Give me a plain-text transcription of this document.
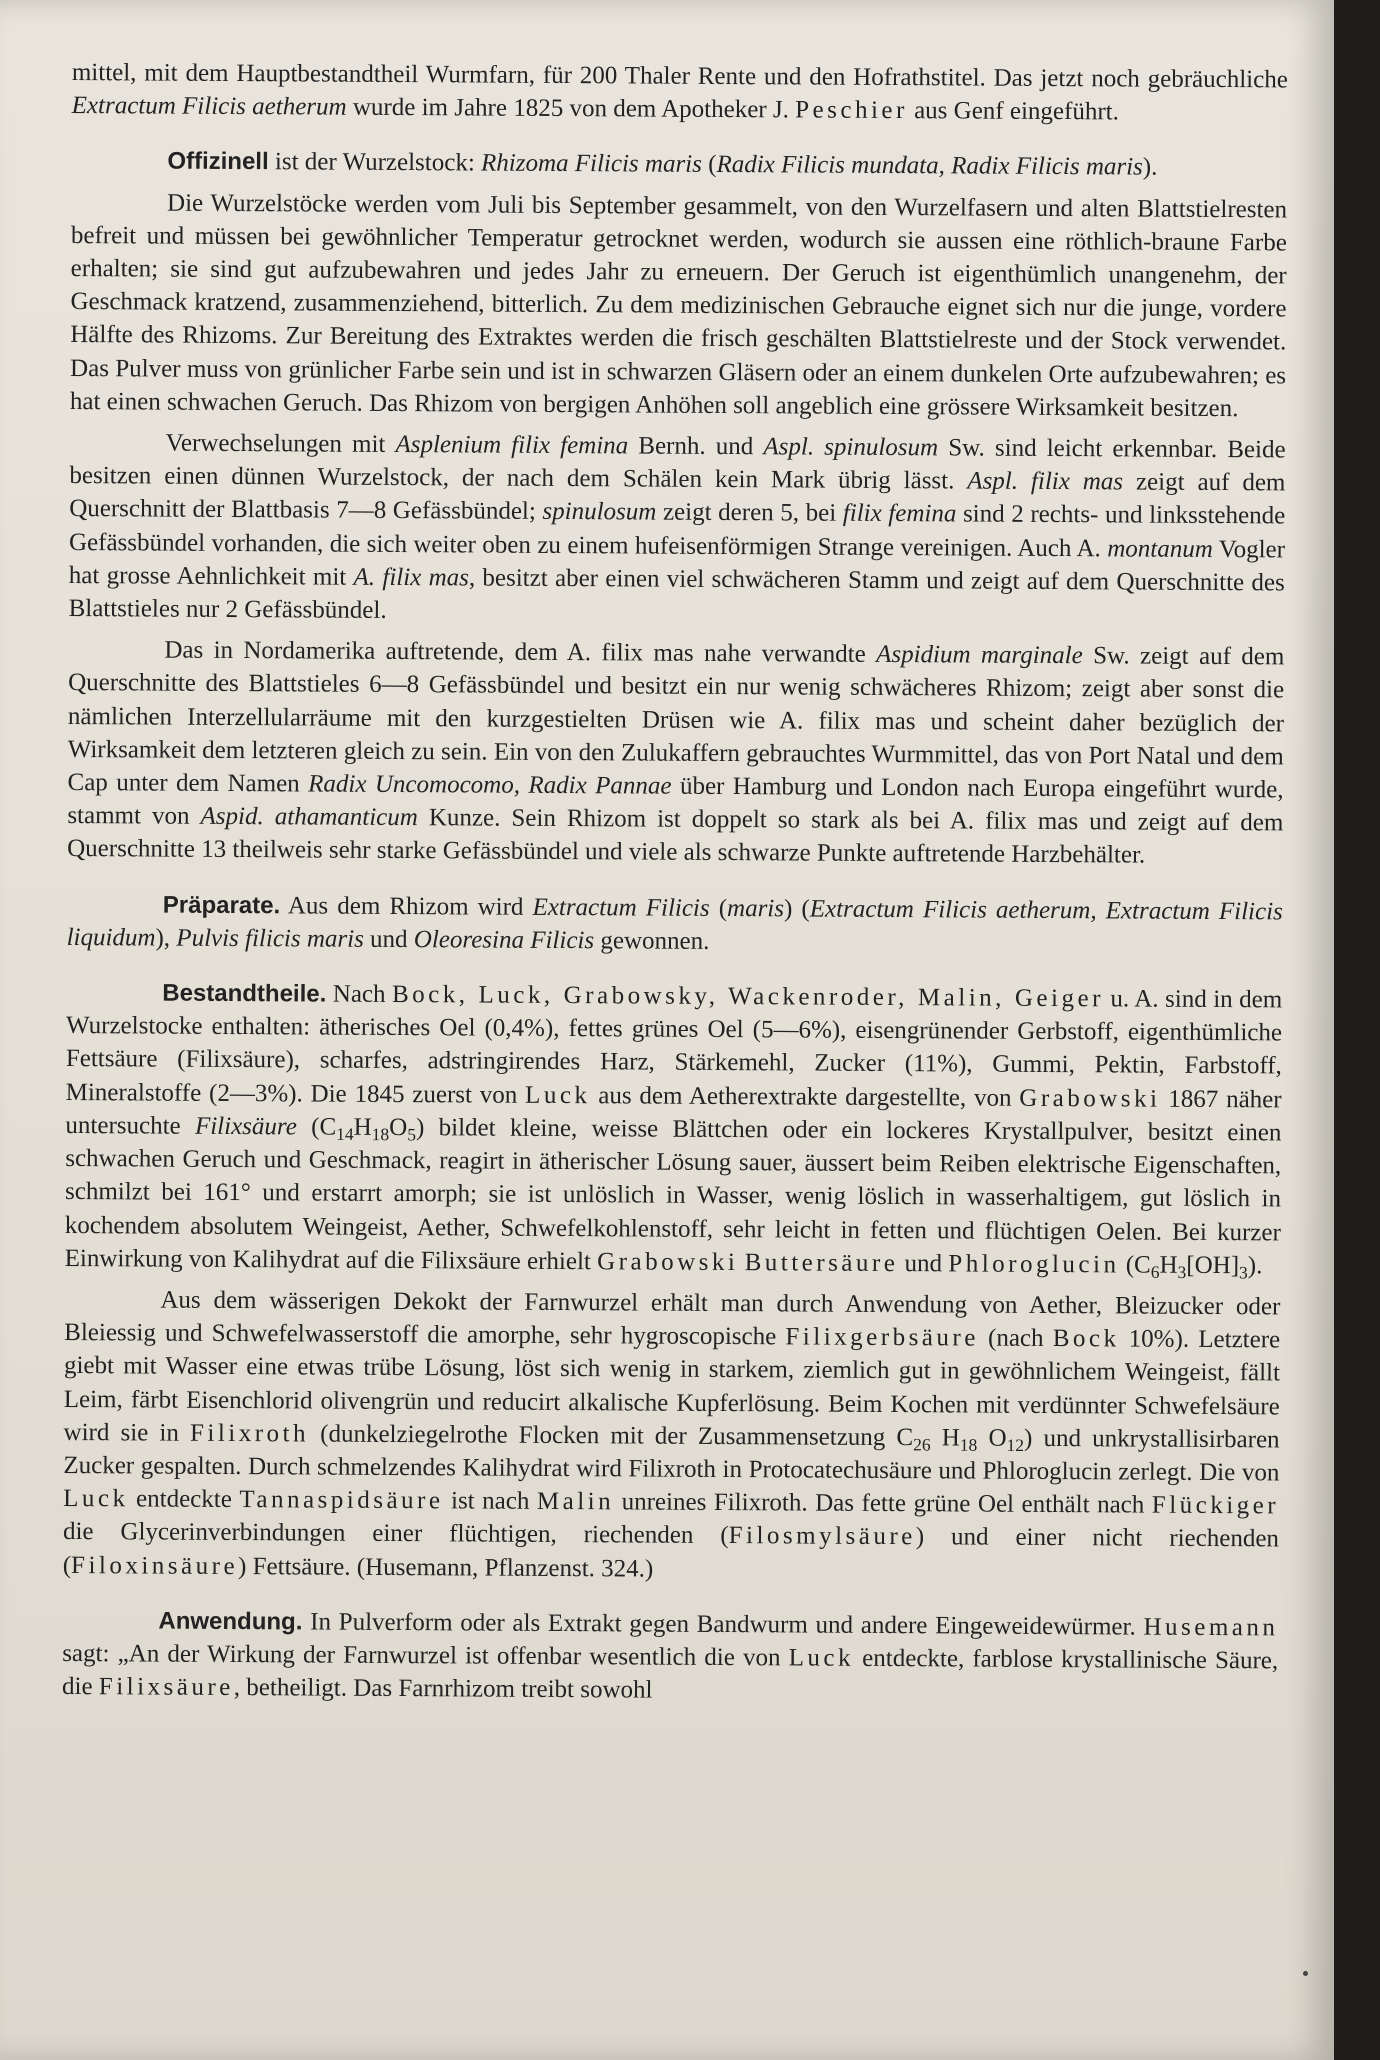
mittel, mit dem Hauptbestandtheil Wurmfarn, für 200 Thaler Rente und den Hofrathstitel. Das jetzt noch gebräuchliche Extractum Filicis aetherum wurde im Jahre 1825 von dem Apotheker J. Peschier aus Genf eingeführt.

Offizinell ist der Wurzelstock: Rhizoma Filicis maris (Radix Filicis mundata, Radix Filicis maris).

Die Wurzelstöcke werden vom Juli bis September gesammelt, von den Wurzelfasern und alten Blattstielresten befreit und müssen bei gewöhnlicher Temperatur getrocknet werden, wodurch sie aussen eine röthlich-braune Farbe erhalten; sie sind gut aufzubewahren und jedes Jahr zu erneuern. Der Geruch ist eigenthümlich unangenehm, der Geschmack kratzend, zusammenziehend, bitterlich. Zu dem medizinischen Gebrauche eignet sich nur die junge, vordere Hälfte des Rhizoms. Zur Bereitung des Extraktes werden die frisch geschälten Blattstielreste und der Stock verwendet. Das Pulver muss von grünlicher Farbe sein und ist in schwarzen Gläsern oder an einem dunkelen Orte aufzubewahren; es hat einen schwachen Geruch. Das Rhizom von bergigen Anhöhen soll angeblich eine grössere Wirksamkeit besitzen.

Verwechselungen mit Asplenium filix femina Bernh. und Aspl. spinulosum Sw. sind leicht erkennbar. Beide besitzen einen dünnen Wurzelstock, der nach dem Schälen kein Mark übrig lässt. Aspl. filix mas zeigt auf dem Querschnitt der Blattbasis 7—8 Gefässbündel; spinulosum zeigt deren 5, bei filix femina sind 2 rechts- und linksstehende Gefässbündel vorhanden, die sich weiter oben zu einem hufeisenförmigen Strange vereinigen. Auch A. montanum Vogler hat grosse Aehnlichkeit mit A. filix mas, besitzt aber einen viel schwächeren Stamm und zeigt auf dem Querschnitte des Blattstieles nur 2 Gefässbündel.

Das in Nordamerika auftretende, dem A. filix mas nahe verwandte Aspidium marginale Sw. zeigt auf dem Querschnitte des Blattstieles 6—8 Gefässbündel und besitzt ein nur wenig schwächeres Rhizom; zeigt aber sonst die nämlichen Interzellularräume mit den kurzgestielten Drüsen wie A. filix mas und scheint daher bezüglich der Wirksamkeit dem letzteren gleich zu sein. Ein von den Zulukaffern gebrauchtes Wurmmittel, das von Port Natal und dem Cap unter dem Namen Radix Uncomocomo, Radix Pannae über Hamburg und London nach Europa eingeführt wurde, stammt von Aspid. athamanticum Kunze. Sein Rhizom ist doppelt so stark als bei A. filix mas und zeigt auf dem Querschnitte 13 theilweis sehr starke Gefässbündel und viele als schwarze Punkte auftretende Harzbehälter.

Präparate. Aus dem Rhizom wird Extractum Filicis (maris) (Extractum Filicis aetherum, Extractum Filicis liquidum), Pulvis filicis maris und Oleoresina Filicis gewonnen.

Bestandtheile. Nach Bock, Luck, Grabowsky, Wackenroder, Malin, Geiger u. A. sind in dem Wurzelstocke enthalten: ätherisches Oel (0,4%), fettes grünes Oel (5—6%), eisengrünender Gerbstoff, eigenthümliche Fettsäure (Filixsäure), scharfes, adstringirendes Harz, Stärkemehl, Zucker (11%), Gummi, Pektin, Farbstoff, Mineralstoffe (2—3%). Die 1845 zuerst von Luck aus dem Aetherextrakte dargestellte, von Grabowski 1867 näher untersuchte Filixsäure $(C_{14}H_{18}O_5)$ bildet kleine, weisse Blättchen oder ein lockeres Krystallpulver, besitzt einen schwachen Geruch und Geschmack, reagirt in ätherischer Lösung sauer, äussert beim Reiben elektrische Eigenschaften, schmilzt bei 161° und erstarrt amorph; sie ist unlöslich in Wasser, wenig löslich in wasserhaltigem, gut löslich in kochendem absolutem Weingeist, Aether, Schwefelkohlenstoff, sehr leicht in fetten und flüchtigen Oelen. Bei kurzer Einwirkung von Kalihydrat auf die Filixsäure erhielt Grabowski Buttersäure und Phloroglucin $(C_6H_3[OH]_3)$.

Aus dem wässerigen Dekokt der Farnwurzel erhält man durch Anwendung von Aether, Bleizucker oder Bleiessig und Schwefelwasserstoff die amorphe, sehr hygroscopische Filixgerbsäure (nach Bock 10%). Letztere giebt mit Wasser eine etwas trübe Lösung, löst sich wenig in starkem, ziemlich gut in gewöhnlichem Weingeist, fällt Leim, färbt Eisenchlorid olivengrün und reducirt alkalische Kupferlösung. Beim Kochen mit verdünnter Schwefelsäure wird sie in Filixroth (dunkelziegelrothe Flocken mit der Zusammensetzung $C_{26}$ $H_{18}$ $O_{12}$) und unkrystallisirbaren Zucker gespalten. Durch schmelzendes Kalihydrat wird Filixroth in Protocatechusäure und Phloroglucin zerlegt. Die von Luck entdeckte Tannaspidsäure ist nach Malin unreines Filixroth. Das fette grüne Oel enthält nach Flückiger die Glycerinverbindungen einer flüchtigen, riechenden (Filosmylsäure) und einer nicht riechenden (Filoxinsäure) Fettsäure. (Husemann, Pflanzenst. 324.)

Anwendung. In Pulverform oder als Extrakt gegen Bandwurm und andere Eingeweidewürmer. Husemann sagt: „An der Wirkung der Farnwurzel ist offenbar wesentlich die von Luck entdeckte, farblose krystallinische Säure, die Filixsäure, betheiligt. Das Farnrhizom treibt sowohl
